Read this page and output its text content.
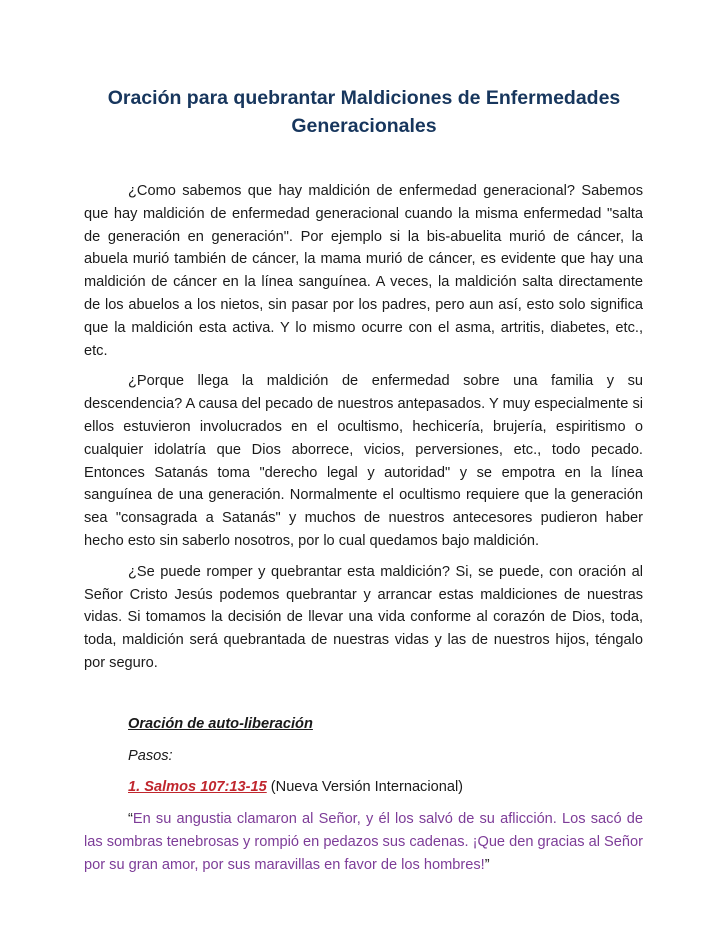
Oración para quebrantar Maldiciones de Enfermedades
Generacionales

¿Como sabemos que hay maldición de enfermedad generacional? Sabemos que hay maldición de enfermedad generacional cuando la misma enfermedad "salta de generación en generación". Por ejemplo si la bis-abuelita murió de cáncer, la abuela murió también de cáncer, la mama murió de cáncer, es evidente que hay una maldición de cáncer en la línea sanguínea. A veces, la maldición salta directamente de los abuelos a los nietos, sin pasar por los padres, pero aun así, esto solo significa que la maldición esta activa. Y lo mismo ocurre con el asma, artritis, diabetes, etc., etc.

¿Porque llega la maldición de enfermedad sobre una familia y su descendencia? A causa del pecado de nuestros antepasados. Y muy especialmente si ellos estuvieron involucrados en el ocultismo, hechicería, brujería, espiritismo o cualquier idolatría que Dios aborrece, vicios, perversiones, etc., todo pecado. Entonces Satanás toma "derecho legal y autoridad" y se empotra en la línea sanguínea de una generación. Normalmente el ocultismo requiere que la generación sea "consagrada a Satanás" y muchos de nuestros antecesores pudieron haber hecho esto sin saberlo nosotros, por lo cual quedamos bajo maldición.

¿Se puede romper y quebrantar esta maldición? Si, se puede, con oración al Señor Cristo Jesús podemos quebrantar y arrancar estas maldiciones de nuestras vidas. Si tomamos la decisión de llevar una vida conforme al corazón de Dios, toda, toda, maldición será quebrantada de nuestras vidas y las de nuestros hijos, téngalo por seguro.

Oración de auto-liberación

Pasos:

1. Salmos 107:13-15 (Nueva Versión Internacional)

“En su angustia clamaron al Señor, y él los salvó de su aflicción. Los sacó de las sombras tenebrosas y rompió en pedazos sus cadenas. ¡Que den gracias al Señor por su gran amor, por sus maravillas en favor de los hombres!”
